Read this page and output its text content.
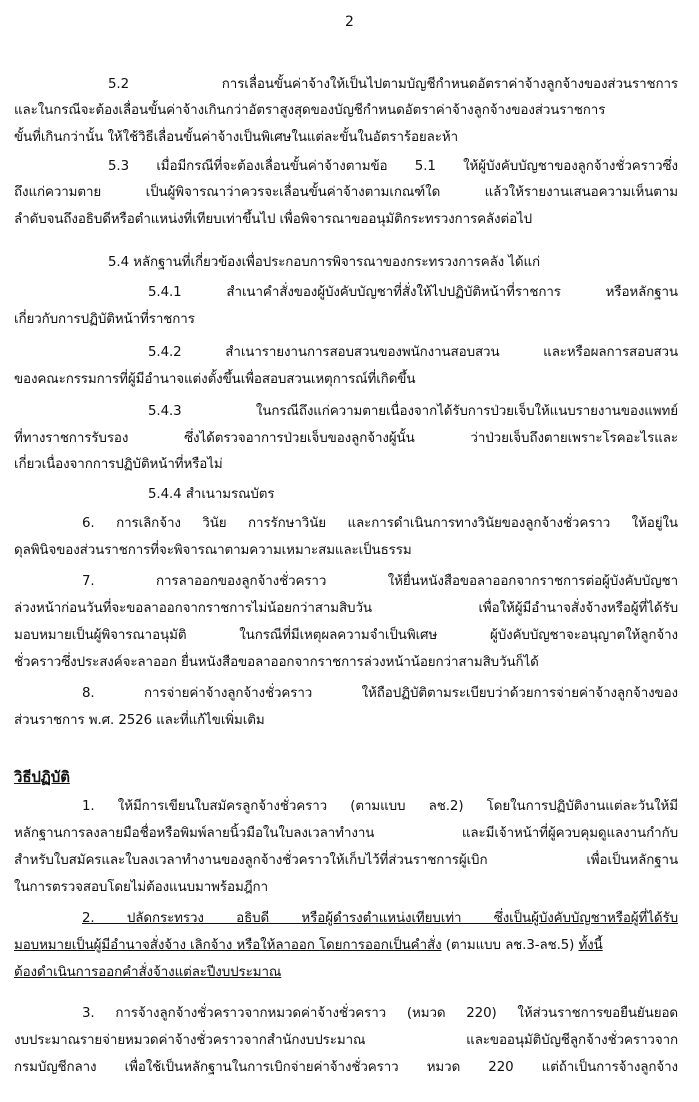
2
5.2 การเลื่อนขั้นค่าจ้างให้เป็นไปตามบัญชีกำหนดอัตราค่าจ้างลูกจ้างของส่วนราชการ
และในกรณีจะต้องเลื่อนขั้นค่าจ้างเกินกว่าอัตราสูงสุดของบัญชีกำหนดอัตราค่าจ้างลูกจ้างของส่วนราชการ
ขั้นที่เกินกว่านั้น ให้ใช้วิธีเลื่อนขั้นค่าจ้างเป็นพิเศษในแต่ละขั้นในอัตราร้อยละห้า
5.3 เมื่อมีกรณีที่จะต้องเลื่อนขั้นค่าจ้างตามข้อ 5.1 ให้ผู้บังคับบัญชาของลูกจ้างชั่วคราวซึ่ง
ถึงแก่ความตาย เป็นผู้พิจารณาว่าควรจะเลื่อนขั้นค่าจ้างตามเกณฑ์ใด แล้วให้รายงานเสนอความเห็นตาม
ลำดับจนถึงอธิบดีหรือตำแหน่งที่เทียบเท่าขึ้นไป เพื่อพิจารณาขออนุมัติกระทรวงการคลังต่อไป
5.4 หลักฐานที่เกี่ยวข้องเพื่อประกอบการพิจารณาของกระทรวงการคลัง ได้แก่
5.4.1 สำเนาคำสั่งของผู้บังคับบัญชาที่สั่งให้ไปปฏิบัติหน้าที่ราชการ หรือหลักฐาน
เกี่ยวกับการปฏิบัติหน้าที่ราชการ
5.4.2 สำเนารายงานการสอบสวนของพนักงานสอบสวน และหรือผลการสอบสวน
ของคณะกรรมการที่ผู้มีอำนาจแต่งตั้งขึ้นเพื่อสอบสวนเหตุการณ์ที่เกิดขึ้น
5.4.3 ในกรณีถึงแก่ความตายเนื่องจากได้รับการป่วยเจ็บให้แนบรายงานของแพทย์
ที่ทางราชการรับรอง ซึ่งได้ตรวจอาการป่วยเจ็บของลูกจ้างผู้นั้น ว่าป่วยเจ็บถึงตายเพราะโรคอะไรและ
เกี่ยวเนื่องจากการปฏิบัติหน้าที่หรือไม่
5.4.4 สำเนามรณบัตร
6. การเลิกจ้าง วินัย การรักษาวินัย และการดำเนินการทางวินัยของลูกจ้างชั่วคราว ให้อยู่ใน
ดุลพินิจของส่วนราชการที่จะพิจารณาตามความเหมาะสมและเป็นธรรม
7. การลาออกของลูกจ้างชั่วคราว ให้ยื่นหนังสือขอลาออกจากราชการต่อผู้บังคับบัญชา
ล่วงหน้าก่อนวันที่จะขอลาออกจากราชการไม่น้อยกว่าสามสิบวัน เพื่อให้ผู้มีอำนาจสั่งจ้างหรือผู้ที่ได้รับ
มอบหมายเป็นผู้พิจารณาอนุมัติ ในกรณีที่มีเหตุผลความจำเป็นพิเศษ ผู้บังคับบัญชาจะอนุญาตให้ลูกจ้าง
ชั่วคราวซึ่งประสงค์จะลาออก ยื่นหนังสือขอลาออกจากราชการล่วงหน้าน้อยกว่าสามสิบวันก็ได้
8. การจ่ายค่าจ้างลูกจ้างชั่วคราว ให้ถือปฏิบัติตามระเบียบว่าด้วยการจ่ายค่าจ้างลูกจ้างของ
ส่วนราชการ พ.ศ. 2526 และที่แก้ไขเพิ่มเติม
วิธีปฏิบัติ
1. ให้มีการเขียนใบสมัครลูกจ้างชั่วคราว (ตามแบบ ลช.2) โดยในการปฏิบัติงานแต่ละวันให้มี
หลักฐานการลงลายมือชื่อหรือพิมพ์ลายนิ้วมือในใบลงเวลาทำงาน และมีเจ้าหน้าที่ผู้ควบคุมดูแลงานกำกับ
สำหรับใบสมัครและใบลงเวลาทำงานของลูกจ้างชั่วคราวให้เก็บไว้ที่ส่วนราชการผู้เบิก เพื่อเป็นหลักฐาน
ในการตรวจสอบโดยไม่ต้องแนบมาพร้อมฎีกา
2. ปลัดกระทรวง อธิบดี หรือผู้ดำรงตำแหน่งเทียบเท่า ซึ่งเป็นผู้บังคับบัญชาหรือผู้ที่ได้รับ
มอบหมายเป็นผู้มีอำนาจสั่งจ้าง เลิกจ้าง หรือให้ลาออก โดยการออกเป็นคำสั่ง (ตามแบบ ลช.3-ลช.5) ทั้งนี้
ต้องดำเนินการออกคำสั่งจ้างแต่ละปีงบประมาณ
3. การจ้างลูกจ้างชั่วคราวจากหมวดค่าจ้างชั่วคราว (หมวด 220) ให้ส่วนราชการขอยืนยันยอด
งบประมาณรายจ่ายหมวดค่าจ้างชั่วคราวจากสำนักงบประมาณ และขออนุมัติบัญชีลูกจ้างชั่วคราวจาก
กรมบัญชีกลาง เพื่อใช้เป็นหลักฐานในการเบิกจ่ายค่าจ้างชั่วคราว หมวด 220 แต่ถ้าเป็นการจ้างลูกจ้าง
